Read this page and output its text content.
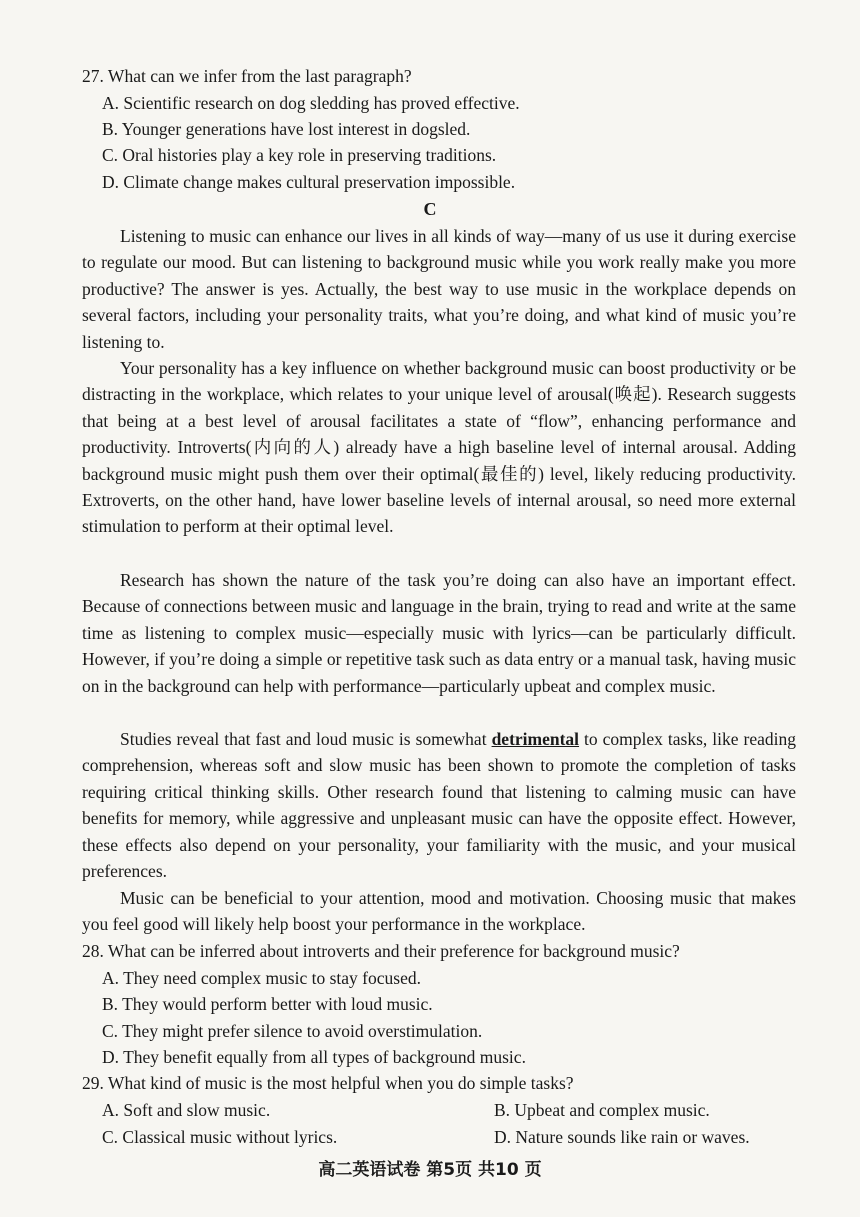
27. What can we infer from the last paragraph?

A. Scientific research on dog sledding has proved effective.

B. Younger generations have lost interest in dogsled.

C. Oral histories play a key role in preserving traditions.

D. Climate change makes cultural preservation impossible.

C

Listening to music can enhance our lives in all kinds of way—many of us use it during exercise to regulate our mood. But can listening to background music while you work really make you more productive? The answer is yes. Actually, the best way to use music in the workplace depends on several factors, including your personality traits, what you’re doing, and what kind of music you’re listening to.

Your personality has a key influence on whether background music can boost productivity or be distracting in the workplace, which relates to your unique level of arousal(唤起). Research suggests that being at a best level of arousal facilitates a state of “flow”, enhancing performance and productivity. Introverts(内向的人) already have a high baseline level of internal arousal. Adding background music might push them over their optimal(最佳的) level, likely reducing productivity. Extroverts, on the other hand, have lower baseline levels of internal arousal, so need more external stimulation to perform at their optimal level.

Research has shown the nature of the task you’re doing can also have an important effect. Because of connections between music and language in the brain, trying to read and write at the same time as listening to complex music—especially music with lyrics—can be particularly difficult. However, if you’re doing a simple or repetitive task such as data entry or a manual task, having music on in the background can help with performance—particularly upbeat and complex music.

Studies reveal that fast and loud music is somewhat detrimental to complex tasks, like reading comprehension, whereas soft and slow music has been shown to promote the completion of tasks requiring critical thinking skills. Other research found that listening to calming music can have benefits for memory, while aggressive and unpleasant music can have the opposite effect. However, these effects also depend on your personality, your familiarity with the music, and your musical preferences.

Music can be beneficial to your attention, mood and motivation. Choosing music that makes you feel good will likely help boost your performance in the workplace.

28. What can be inferred about introverts and their preference for background music?

A. They need complex music to stay focused.

B. They would perform better with loud music.

C. They might prefer silence to avoid overstimulation.

D. They benefit equally from all types of background music.

29. What kind of music is the most helpful when you do simple tasks?

A. Soft and slow music.	B. Upbeat and complex music.

C. Classical music without lyrics.	D. Nature sounds like rain or waves.

高二英语试卷 第5页 共10 页
